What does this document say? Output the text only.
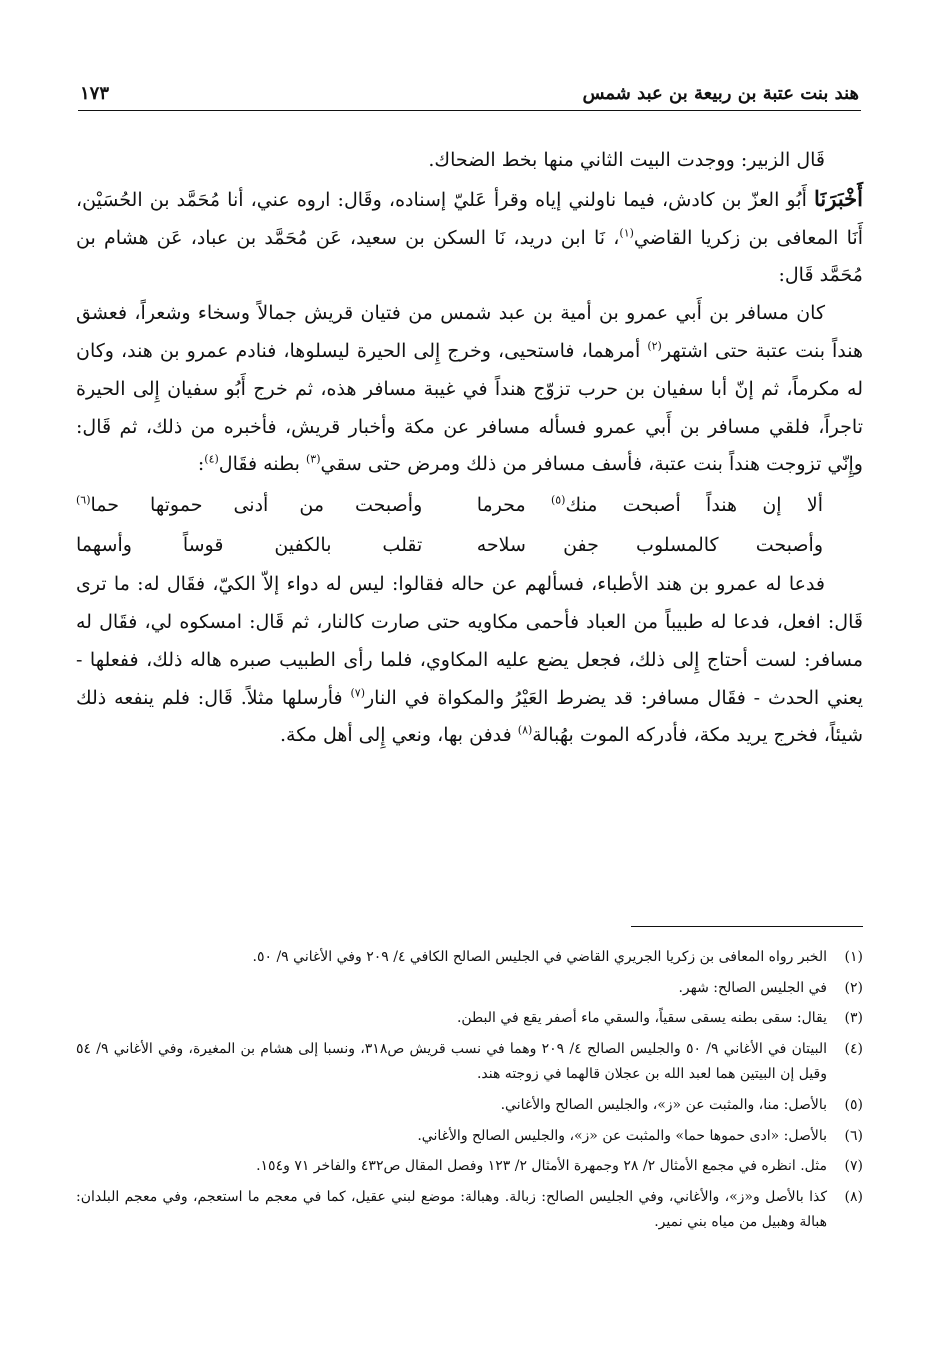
هند بنت عتبة بن ربيعة بن عبد شمس
١٧٣

قَال الزبير: ووجدت البيت الثاني منها بخط الضحاك.

أَخْبَرَنَا أَبُو العزّ بن كادش، فيما ناولني إياه وقرأ عَليّ إسناده، وقَال: اروه عني، أنا مُحَمَّد بن الحُسَيْن، أَنَا المعافى بن زكريا القاضي$^{(١)}$، نَا ابن دريد، نَا السكن بن سعيد، عَن مُحَمَّد بن عباد، عَن هشام بن مُحَمَّد قَال:

كان مسافر بن أَبي عمرو بن أمية بن عبد شمس من فتيان قريش جمالاً وسخاء وشعراً، فعشق هنداً بنت عتبة حتى اشتهر$^{(٢)}$ أمرهما، فاستحيى، وخرج إِلى الحيرة ليسلوها، فنادم عمرو بن هند، وكان له مكرماً، ثم إنّ أبا سفيان بن حرب تزوّج هنداً في غيبة مسافر هذه، ثم خرج أَبُو سفيان إِلى الحيرة تاجراً، فلقي مسافر بن أَبي عمرو فسأله مسافر عن مكة وأخبار قريش، فأخبره من ذلك، ثم قَال: وإِنّي تزوجت هنداً بنت عتبة، فأسف مسافر من ذلك ومرض حتى سقي$^{(٣)}$ بطنه فقَال$^{(٤)}$:

ألا إن هنداً أصبحت منك$^{(٥)}$ محرما
وأصبحت من أدنى حموتها حما$^{(٦)}$
وأصبحت كالمسلوب جفن سلاحه
تقلب بالكفين قوساً وأسهما

فدعا له عمرو بن هند الأطباء، فسألهم عن حاله فقالوا: ليس له دواء إلاّ الكيّ، فقَال له: ما ترى قَال: افعل، فدعا له طبيباً من العباد فأحمى مكاويه حتى صارت كالنار، ثم قَال: امسكوه لي، فقَال له مسافر: لست أحتاج إِلى ذلك، فجعل يضع عليه المكاوي، فلما رأى الطبيب صبره هاله ذلك، ففعلها - يعني الحدث - فقَال مسافر: قد يضرط العَيْرُ والمكواة في النار$^{(٧)}$ فأرسلها مثلاً. قَال: فلم ينفعه ذلك شيئاً، فخرج يريد مكة، فأدركه الموت بهُبالة$^{(٨)}$ فدفن بها، ونعي إِلى أهل مكة.

(١)
الخبر رواه المعافى بن زكريا الجريري القاضي في الجليس الصالح الكافي ٤/ ٢٠٩ وفي الأغاني ٩/ ٥٠.
(٢)
في الجليس الصالح: شهر.
(٣)
يقال: سقى بطنه يسقى سقياً، والسقي ماء أصفر يقع في البطن.
(٤)
البيتان في الأغاني ٩/ ٥٠ والجليس الصالح ٤/ ٢٠٩ وهما في نسب قريش ص٣١٨، ونسبا إلى هشام بن المغيرة، وفي الأغاني ٩/ ٥٤ وقيل إن البيتين هما لعبد الله بن عجلان قالهما في زوجته هند.
(٥)
بالأصل: منا، والمثبت عن «ز»، والجليس الصالح والأغاني.
(٦)
بالأصل: «ادى حموها حما» والمثبت عن «ز»، والجليس الصالح والأغاني.
(٧)
مثل. انظره في مجمع الأمثال ٢/ ٢٨ وجمهرة الأمثال ٢/ ١٢٣ وفصل المقال ص٤٣٢ والفاخر ٧١ و١٥٤.
(٨)
كذا بالأصل و«ز»، والأغاني، وفي الجليس الصالح: زبالة. وهبالة: موضع لبني عقيل، كما في معجم ما استعجم، وفي معجم البلدان: هبالة وهبيل من مياه بني نمير.
